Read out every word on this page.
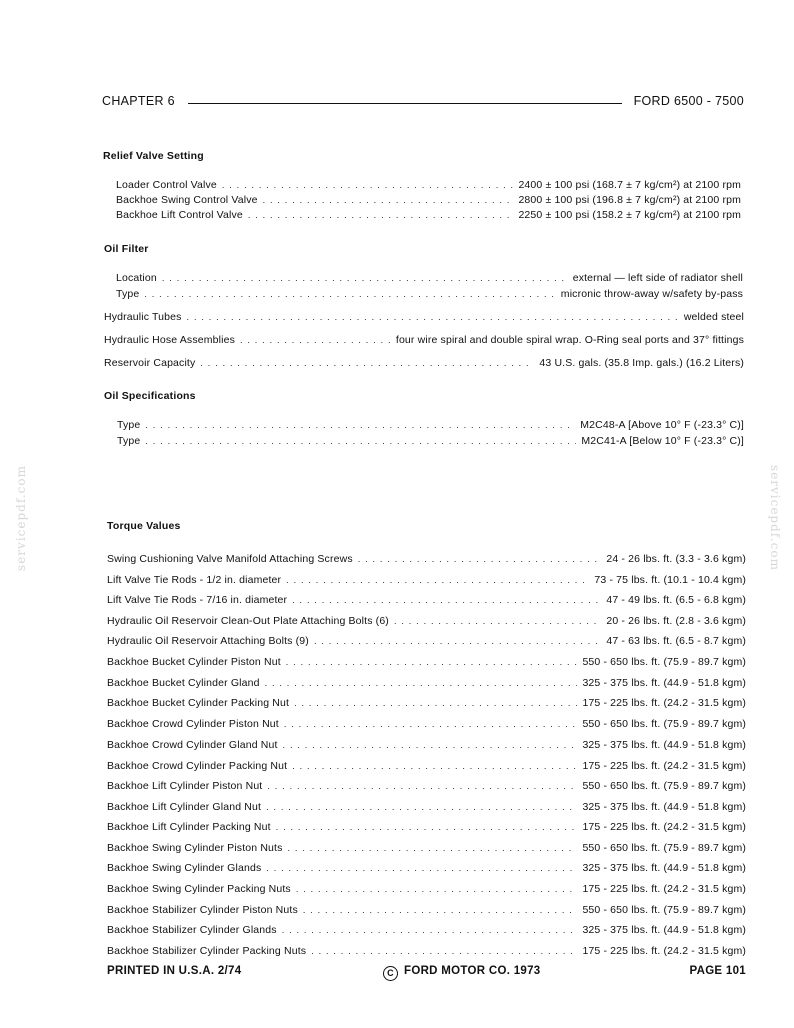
CHAPTER 6	FORD 6500 - 7500
Relief Valve Setting
Loader Control Valve . . .	2400 ± 100 psi (168.7 ± 7 kg/cm²) at 2100 rpm
Backhoe Swing Control Valve . . .	2800 ± 100 psi (196.8 ± 7 kg/cm²) at 2100 rpm
Backhoe Lift Control Valve . . .	2250 ± 100 psi (158.2 ± 7 kg/cm²) at 2100 rpm
Oil Filter
Location . . .	external — left side of radiator shell
Type . . .	micronic throw-away w/safety by-pass
Hydraulic Tubes . . .	welded steel
Hydraulic Hose Assemblies . . .	four wire spiral and double spiral wrap. O-Ring seal ports and 37° fittings
Reservoir Capacity . . .	43 U.S. gals. (35.8 Imp. gals.) (16.2 Liters)
Oil Specifications
Type . . .	M2C48-A [Above 10° F (-23.3° C)]
Type . . .	M2C41-A [Below 10° F (-23.3° C)]
Torque Values
Swing Cushioning Valve Manifold Attaching Screws . . .	24 - 26 lbs. ft. (3.3 - 3.6 kgm)
Lift Valve Tie Rods - 1/2 in. diameter . . .	73 - 75 lbs. ft. (10.1 - 10.4 kgm)
Lift Valve Tie Rods - 7/16 in. diameter . . .	47 - 49 lbs. ft. (6.5 - 6.8 kgm)
Hydraulic Oil Reservoir Clean-Out Plate Attaching Bolts (6) . . .	20 - 26 lbs. ft. (2.8 - 3.6 kgm)
Hydraulic Oil Reservoir Attaching Bolts (9) . . .	47 - 63 lbs. ft. (6.5 - 8.7 kgm)
Backhoe Bucket Cylinder Piston Nut . . .	550 - 650 lbs. ft. (75.9 - 89.7 kgm)
Backhoe Bucket Cylinder Gland . . .	325 - 375 lbs. ft. (44.9 - 51.8 kgm)
Backhoe Bucket Cylinder Packing Nut . . .	175 - 225 lbs. ft. (24.2 - 31.5 kgm)
Backhoe Crowd Cylinder Piston Nut . . .	550 - 650 lbs. ft. (75.9 - 89.7 kgm)
Backhoe Crowd Cylinder Gland Nut . . .	325 - 375 lbs. ft. (44.9 - 51.8 kgm)
Backhoe Crowd Cylinder Packing Nut . . .	175 - 225 lbs. ft. (24.2 - 31.5 kgm)
Backhoe Lift Cylinder Piston Nut . . .	550 - 650 lbs. ft. (75.9 - 89.7 kgm)
Backhoe Lift Cylinder Gland Nut . . .	325 - 375 lbs. ft. (44.9 - 51.8 kgm)
Backhoe Lift Cylinder Packing Nut . . .	175 - 225 lbs. ft. (24.2 - 31.5 kgm)
Backhoe Swing Cylinder Piston Nuts . . .	550 - 650 lbs. ft. (75.9 - 89.7 kgm)
Backhoe Swing Cylinder Glands . . .	325 - 375 lbs. ft. (44.9 - 51.8 kgm)
Backhoe Swing Cylinder Packing Nuts . . .	175 - 225 lbs. ft. (24.2 - 31.5 kgm)
Backhoe Stabilizer Cylinder Piston Nuts . . .	550 - 650 lbs. ft. (75.9 - 89.7 kgm)
Backhoe Stabilizer Cylinder Glands . . .	325 - 375 lbs. ft. (44.9 - 51.8 kgm)
Backhoe Stabilizer Cylinder Packing Nuts . . .	175 - 225 lbs. ft. (24.2 - 31.5 kgm)
PRINTED IN U.S.A. 2/74	C FORD MOTOR CO. 1973	PAGE 101
servicepdf.com	servicepdf.com
